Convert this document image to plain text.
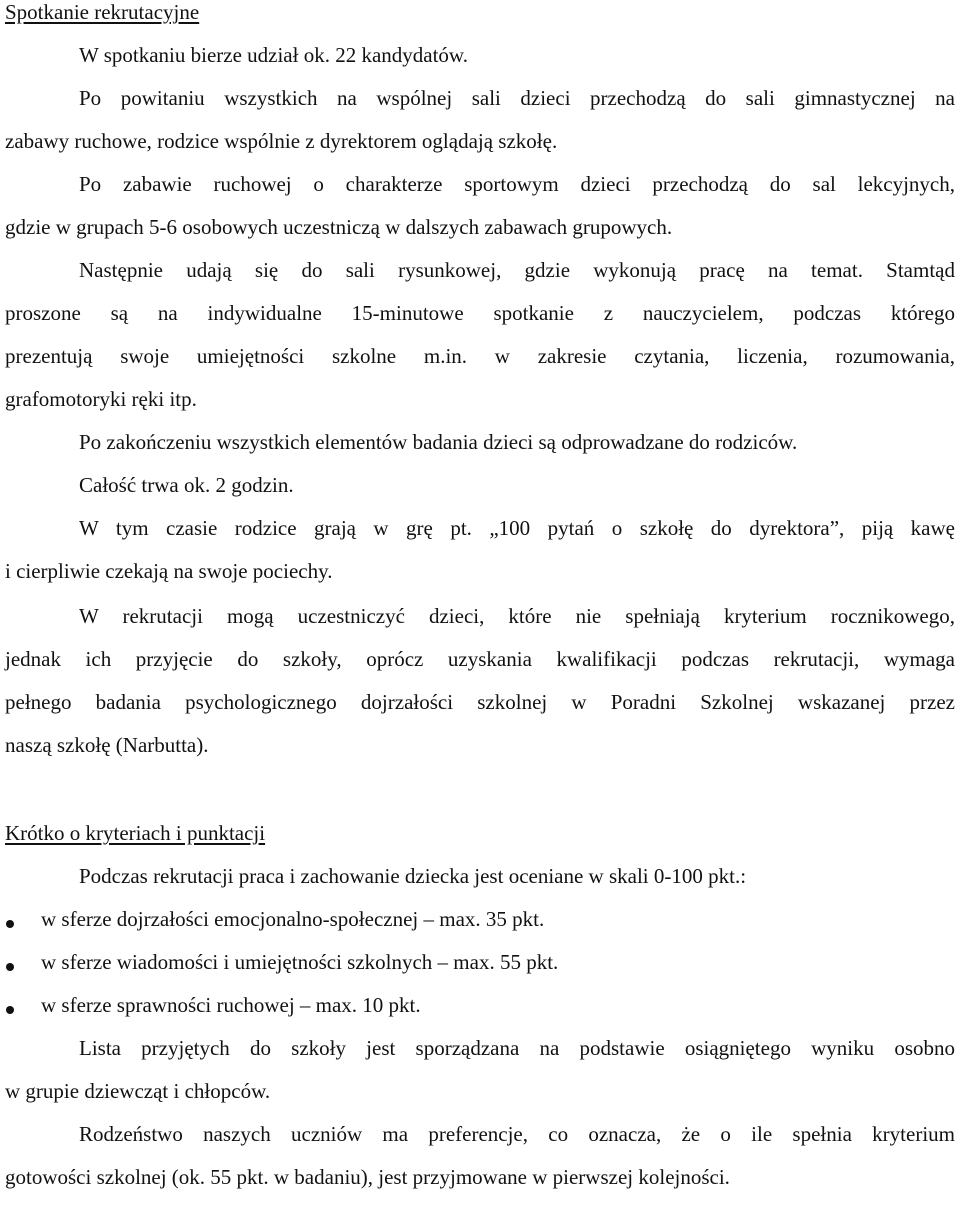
Spotkanie rekrutacyjne
W spotkaniu bierze udział ok. 22 kandydatów.
Po powitaniu wszystkich na wspólnej sali dzieci przechodzą do sali gimnastycznej na
zabawy ruchowe, rodzice wspólnie z dyrektorem oglądają szkołę.
Po zabawie ruchowej o charakterze sportowym dzieci przechodzą do sal lekcyjnych,
gdzie w grupach 5-6 osobowych uczestniczą w dalszych zabawach grupowych.
Następnie udają się do sali rysunkowej, gdzie wykonują pracę na temat. Stamtąd
proszone są na indywidualne 15-minutowe spotkanie z nauczycielem, podczas którego
prezentują swoje umiejętności szkolne m.in. w zakresie czytania, liczenia, rozumowania,
grafomotoryki ręki itp.
Po zakończeniu wszystkich elementów badania dzieci są odprowadzane do rodziców.
Całość trwa ok. 2 godzin.
W tym czasie rodzice grają w grę pt. „100 pytań o szkołę do dyrektora”, piją kawę
i cierpliwie czekają na swoje pociechy.
W rekrutacji mogą uczestniczyć dzieci, które nie spełniają kryterium rocznikowego,
jednak ich przyjęcie do szkoły, oprócz uzyskania kwalifikacji podczas rekrutacji, wymaga
pełnego badania psychologicznego dojrzałości szkolnej w Poradni Szkolnej wskazanej przez
naszą szkołę (Narbutta).
Krótko o kryteriach i punktacji
Podczas rekrutacji praca i zachowanie dziecka jest oceniane w skali 0-100 pkt.:
w sferze dojrzałości emocjonalno-społecznej – max. 35 pkt.
w sferze wiadomości i umiejętności szkolnych – max. 55 pkt.
w sferze sprawności ruchowej – max. 10 pkt.
Lista przyjętych do szkoły jest sporządzana na podstawie osiągniętego wyniku osobno
w grupie dziewcząt i chłopców.
Rodzeństwo naszych uczniów ma preferencje, co oznacza, że o ile spełnia kryterium
gotowości szkolnej (ok. 55 pkt. w badaniu), jest przyjmowane w pierwszej kolejności.
